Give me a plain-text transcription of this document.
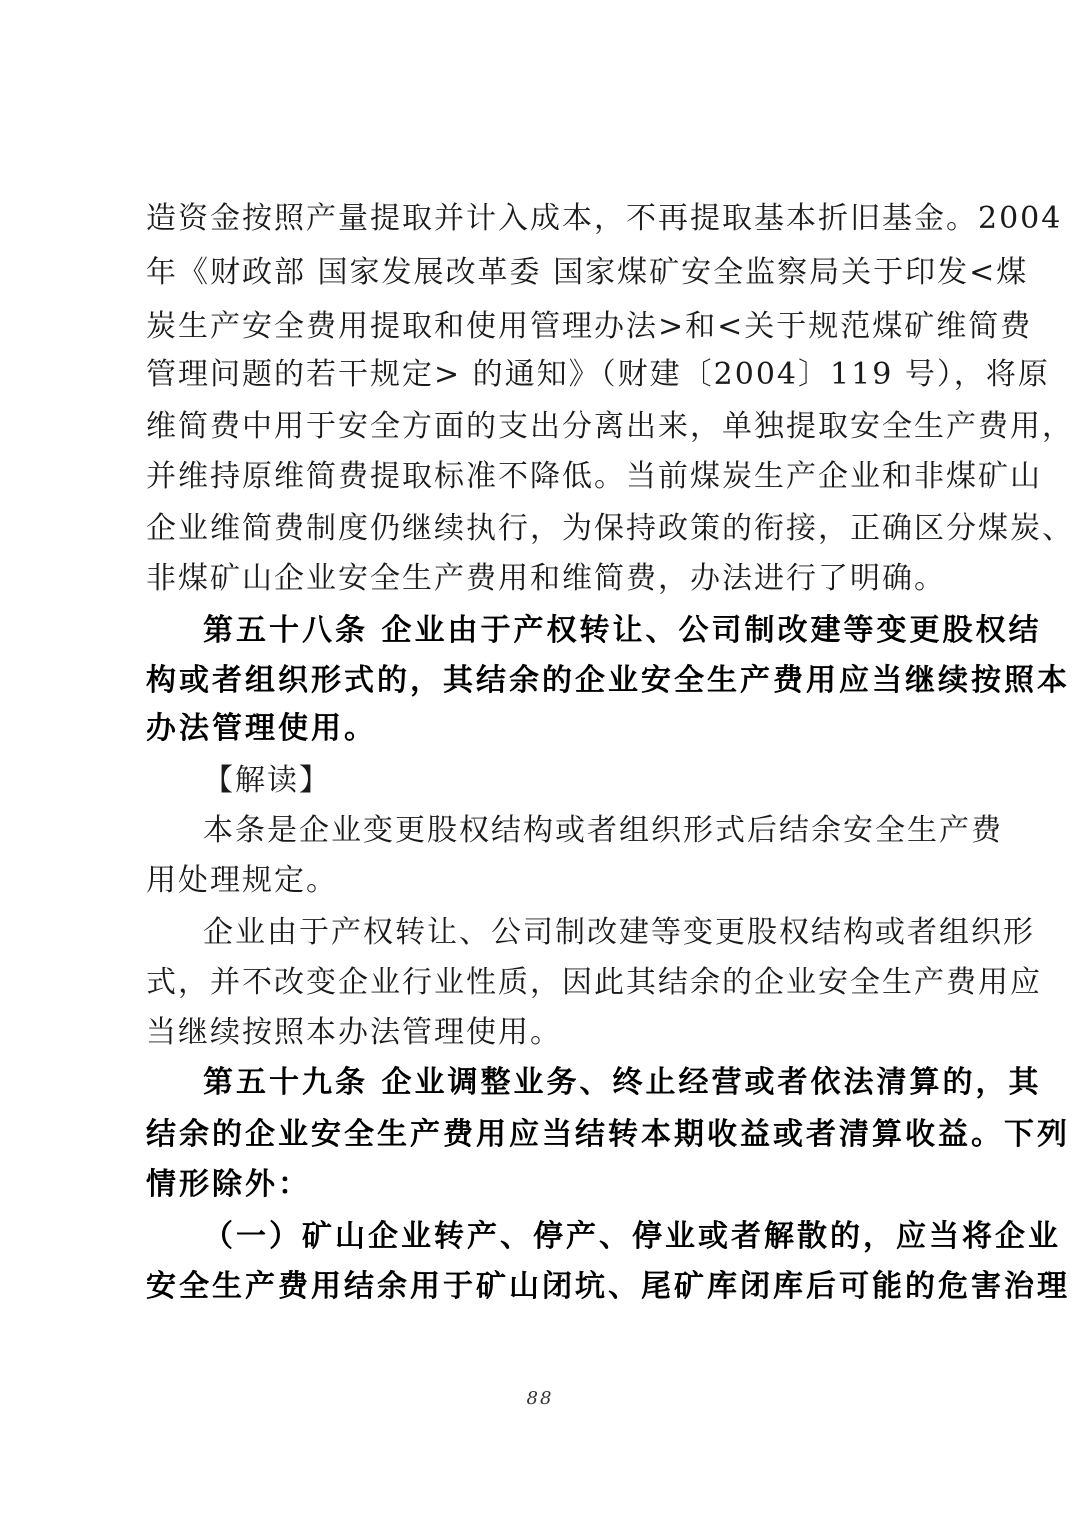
造资金按照产量提取并计入成本，不再提取基本折旧基金。2004
年《财政部 国家发展改革委 国家煤矿安全监察局关于印发<煤
炭生产安全费用提取和使用管理办法>和<关于规范煤矿维简费
管理问题的若干规定> 的通知》（财建〔2004〕119 号），将原
维简费中用于安全方面的支出分离出来，单独提取安全生产费用，
并维持原维简费提取标准不降低。当前煤炭生产企业和非煤矿山
企业维简费制度仍继续执行，为保持政策的衔接，正确区分煤炭、
非煤矿山企业安全生产费用和维简费，办法进行了明确。
第五十八条 企业由于产权转让、公司制改建等变更股权结
构或者组织形式的，其结余的企业安全生产费用应当继续按照本
办法管理使用。
【解读】
本条是企业变更股权结构或者组织形式后结余安全生产费
用处理规定。
企业由于产权转让、公司制改建等变更股权结构或者组织形
式，并不改变企业行业性质，因此其结余的企业安全生产费用应
当继续按照本办法管理使用。
第五十九条 企业调整业务、终止经营或者依法清算的，其
结余的企业安全生产费用应当结转本期收益或者清算收益。下列
情形除外：
（一）矿山企业转产、停产、停业或者解散的，应当将企业
安全生产费用结余用于矿山闭坑、尾矿库闭库后可能的危害治理
88
